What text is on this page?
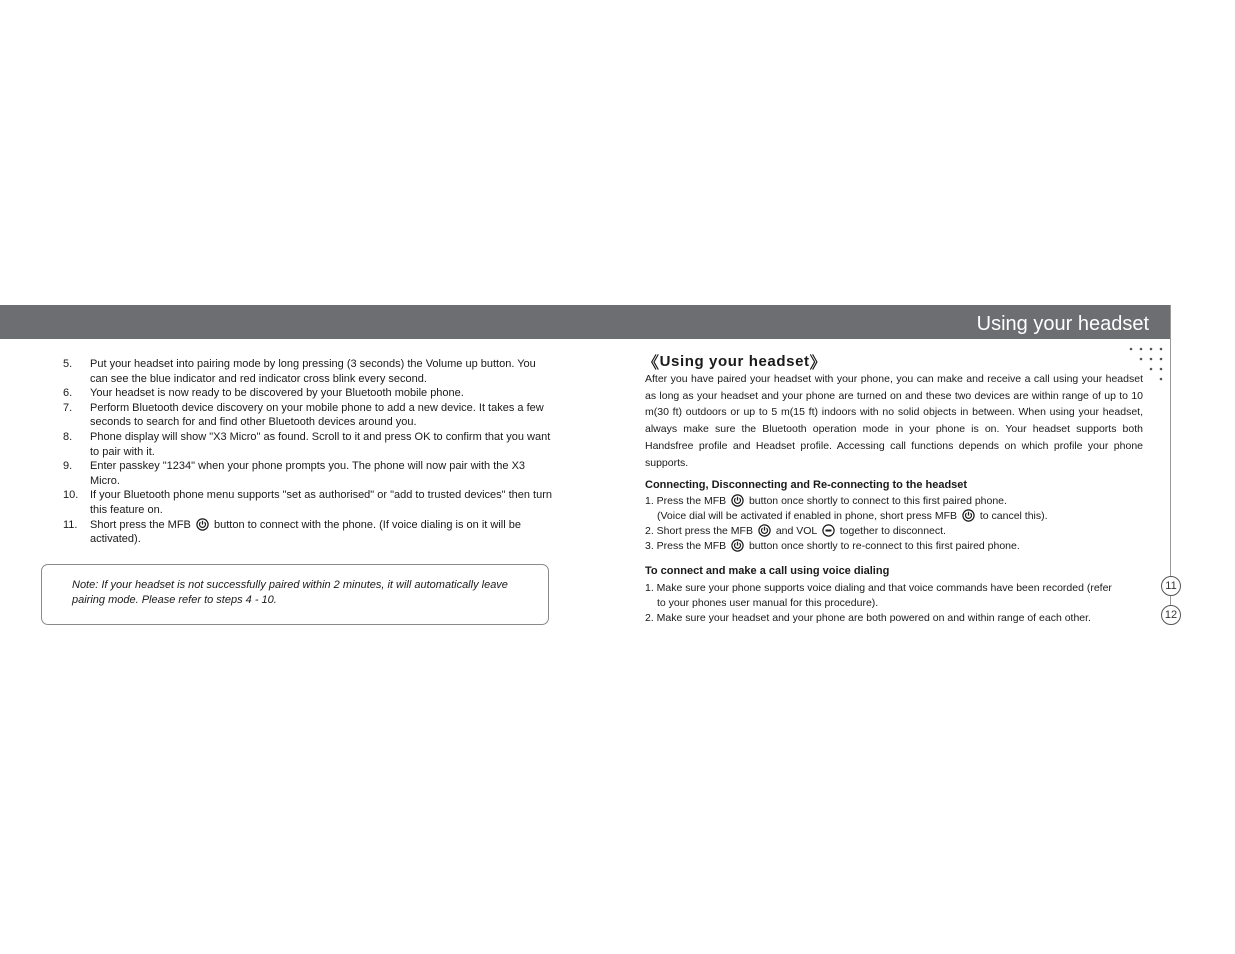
Using your headset
5.	Put your headset into pairing mode by long pressing (3 seconds) the Volume up button. You can see the blue indicator and red indicator cross blink every second.
6.	Your headset is now ready to be discovered by your Bluetooth mobile phone.
7.	Perform Bluetooth device discovery on your mobile phone to add a new device. It takes a few seconds to search for and find other Bluetooth devices around you.
8.	Phone display will show "X3 Micro" as found. Scroll to it and press OK to confirm that you want to pair with it.
9.	Enter passkey "1234" when your phone prompts you. The phone will now pair with the X3 Micro.
10.	If your Bluetooth phone menu supports "set as authorised" or "add to trusted devices" then turn this feature on.
11.	Short press the MFB button to connect with the phone. (If voice dialing is on it will be activated).
Note: If your headset is not successfully paired within 2 minutes, it will automatically leave pairing mode. Please refer to steps 4 - 10.
《 Using your headset 》
After you have paired your headset with your phone, you can make and receive a call using your headset as long as your headset and your phone are turned on and these two devices are within range of up to 10 m(30 ft) outdoors or up to 5 m(15 ft) indoors with no solid objects in between. When using your headset, always make sure the Bluetooth operation mode in your phone is on. Your headset supports both Handsfree profile and Headset profile. Accessing call functions depends on which profile your phone supports.
Connecting, Disconnecting and Re-connecting to the headset
1. Press the MFB button once shortly to connect to this first paired phone.
(Voice dial will be activated if enabled in phone, short press MFB to cancel this).
2. Short press the MFB and VOL together to disconnect.
3. Press the MFB button once shortly to re-connect to this first paired phone.
To connect and make a call using voice dialing
1. Make sure your phone supports voice dialing and that voice commands have been recorded (refer
to your phones user manual for this procedure).
2. Make sure your headset and your phone are both powered on and within range of each other.
11
12
